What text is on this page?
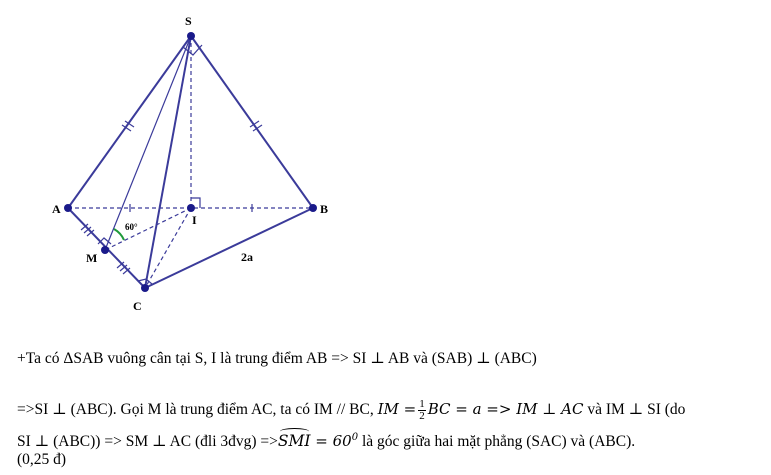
S
A	B
C
I
M
60°
2a
+Ta có ΔSAB vuông cân tại S, I là trung điểm AB => SI ⊥ AB và (SAB) ⊥ (ABC)
=>SI ⊥ (ABC). Gọi M là trung điểm AC, ta có IM // BC, IM = $\frac{1}{2}$ BC = a => IM ⊥ AC và IM ⊥ SI (do
SI ⊥ (ABC)) => SM ⊥ AC (đli 3đvg) $=>SMI = 60^0$ là góc giữa hai mặt phẳng (SAC) và (ABC).
(0,25 đ)
